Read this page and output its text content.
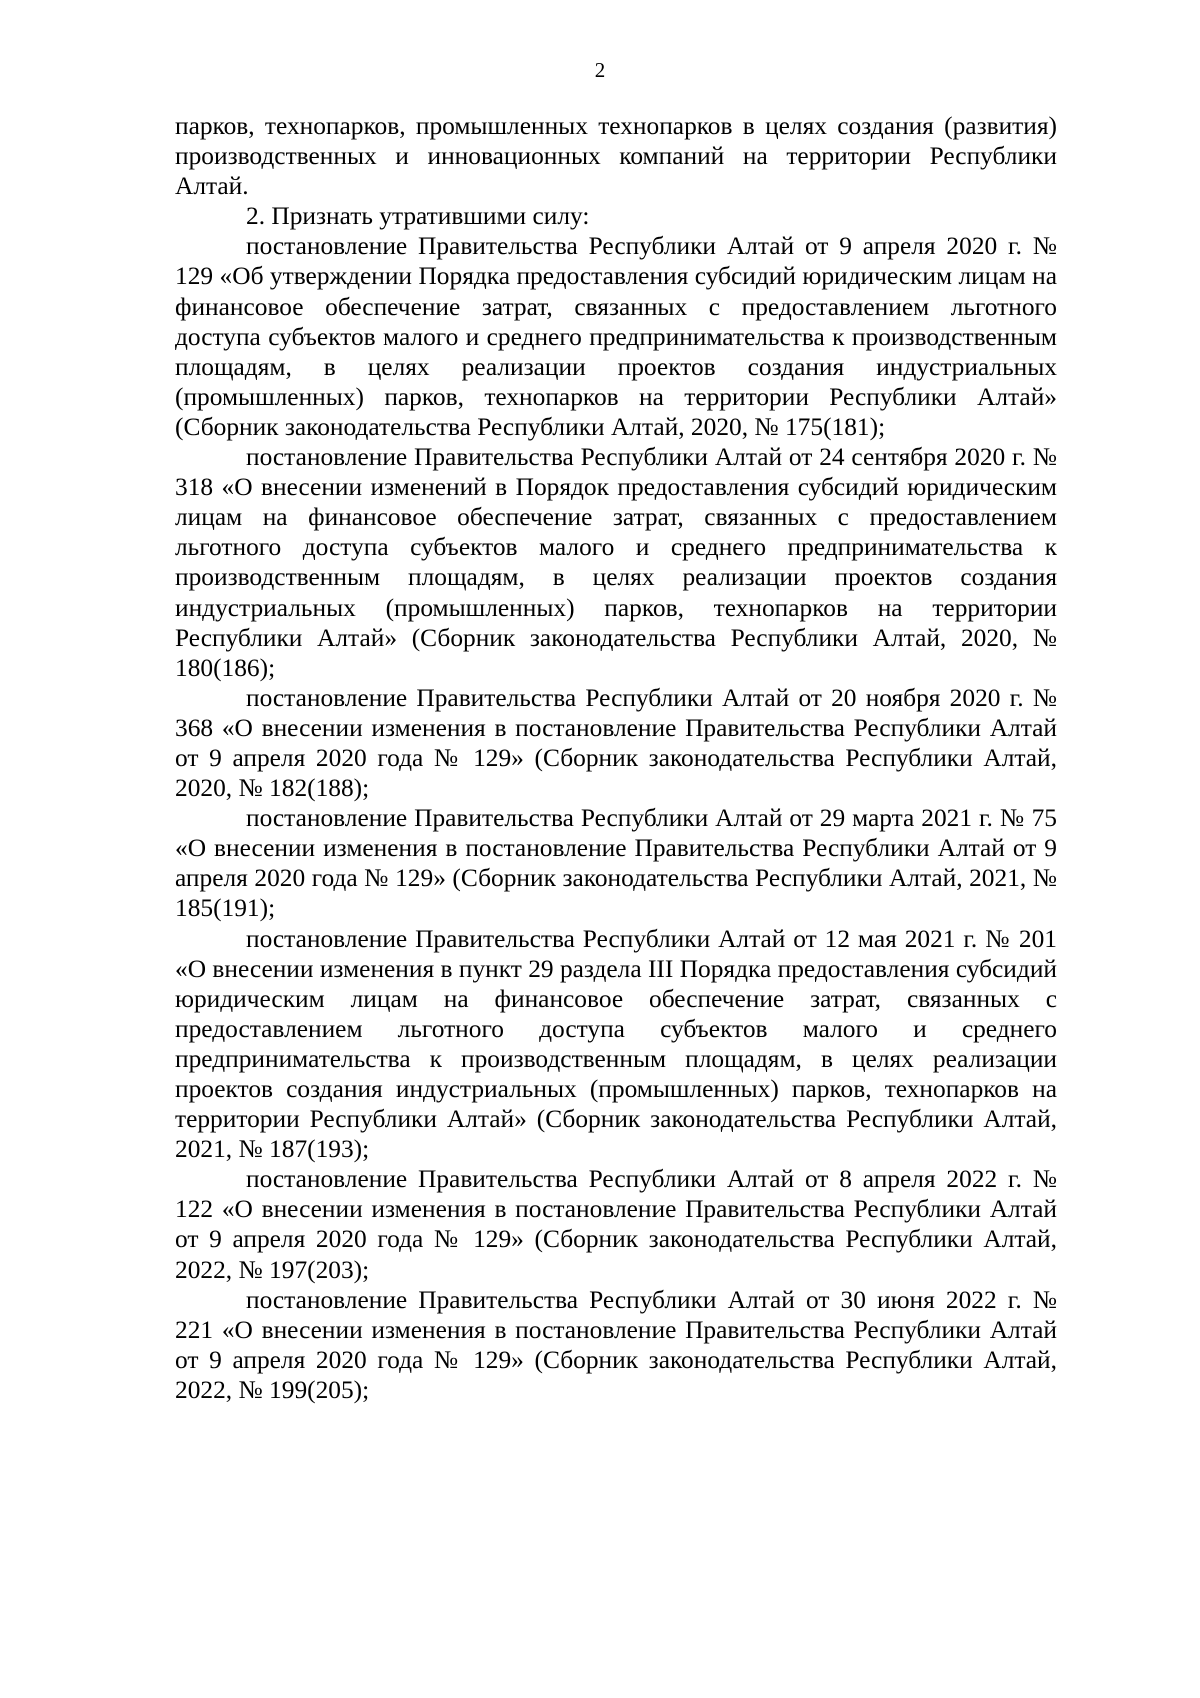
2

парков, технопарков, промышленных технопарков в целях создания (развития) производственных и инновационных компаний на территории Республики Алтай.

2. Признать утратившими силу:

постановление Правительства Республики Алтай от 9 апреля 2020 г. № 129 «Об утверждении Порядка предоставления субсидий юридическим лицам на финансовое обеспечение затрат, связанных с предоставлением льготного доступа субъектов малого и среднего предпринимательства к производственным площадям, в целях реализации проектов создания индустриальных (промышленных) парков, технопарков на территории Республики Алтай» (Сборник законодательства Республики Алтай, 2020, № 175(181);

постановление Правительства Республики Алтай от 24 сентября 2020 г. № 318 «О внесении изменений в Порядок предоставления субсидий юридическим лицам на финансовое обеспечение затрат, связанных с предоставлением льготного доступа субъектов малого и среднего предпринимательства к производственным площадям, в целях реализации проектов создания индустриальных (промышленных) парков, технопарков на территории Республики Алтай» (Сборник законодательства Республики Алтай, 2020, № 180(186);

постановление Правительства Республики Алтай от 20 ноября 2020 г. № 368 «О внесении изменения в постановление Правительства Республики Алтай от 9 апреля 2020 года № 129» (Сборник законодательства Республики Алтай, 2020, № 182(188);

постановление Правительства Республики Алтай от 29 марта 2021 г. № 75 «О внесении изменения в постановление Правительства Республики Алтай от 9 апреля 2020 года № 129» (Сборник законодательства Республики Алтай, 2021, № 185(191);

постановление Правительства Республики Алтай от 12 мая 2021 г. № 201 «О внесении изменения в пункт 29 раздела III Порядка предоставления субсидий юридическим лицам на финансовое обеспечение затрат, связанных с предоставлением льготного доступа субъектов малого и среднего предпринимательства к производственным площадям, в целях реализации проектов создания индустриальных (промышленных) парков, технопарков на территории Республики Алтай» (Сборник законодательства Республики Алтай, 2021, № 187(193);

постановление Правительства Республики Алтай от 8 апреля 2022 г. № 122 «О внесении изменения в постановление Правительства Республики Алтай от 9 апреля 2020 года № 129» (Сборник законодательства Республики Алтай, 2022, № 197(203);

постановление Правительства Республики Алтай от 30 июня 2022 г. № 221 «О внесении изменения в постановление Правительства Республики Алтай от 9 апреля 2020 года № 129» (Сборник законодательства Республики Алтай, 2022, № 199(205);
